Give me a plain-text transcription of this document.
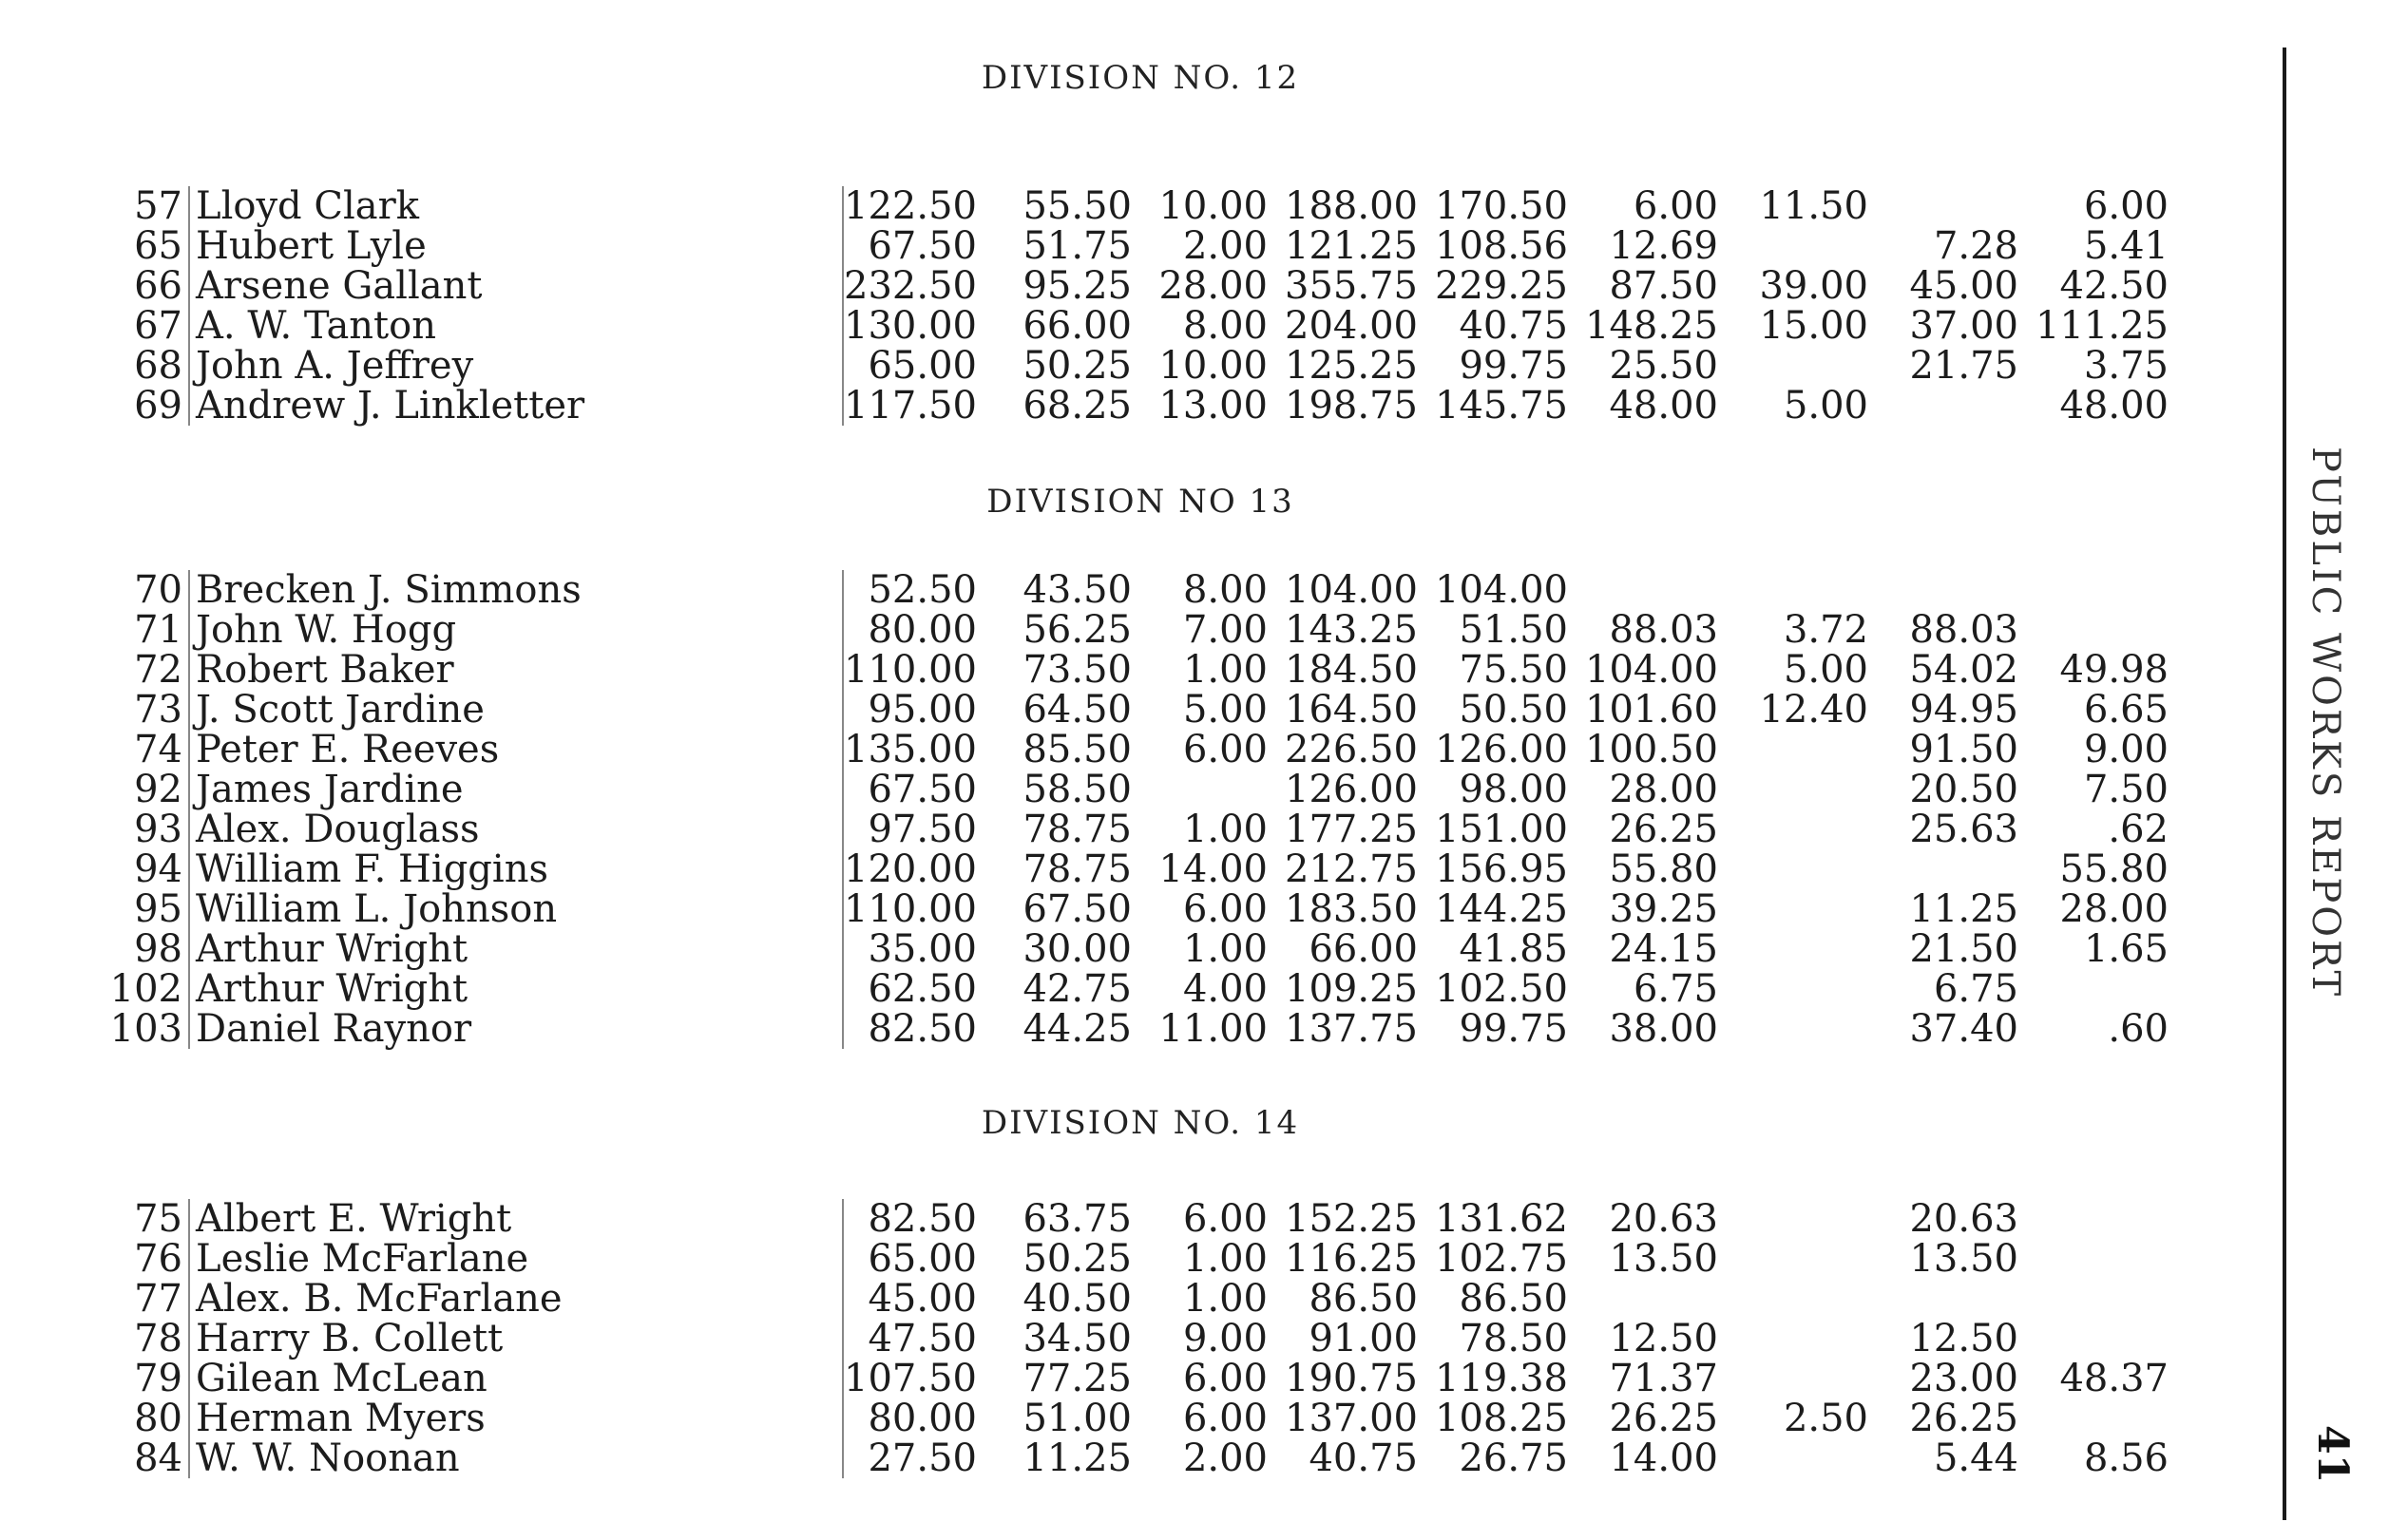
DIVISION NO. 12
57	Lloyd Clark	122.50	55.50	10.00	188.00	170.50	6.00	11.50		6.00
65	Hubert Lyle	67.50	51.75	2.00	121.25	108.56	12.69		7.28	5.41
66	Arsene Gallant	232.50	95.25	28.00	355.75	229.25	87.50	39.00	45.00	42.50
67	A. W. Tanton	130.00	66.00	8.00	204.00	40.75	148.25	15.00	37.00	111.25
68	John A. Jeffrey	65.00	50.25	10.00	125.25	99.75	25.50		21.75	3.75
69	Andrew J. Linkletter	117.50	68.25	13.00	198.75	145.75	48.00	5.00		48.00
DIVISION NO 13
70	Brecken J. Simmons	52.50	43.50	8.00	104.00	104.00				
71	John W. Hogg	80.00	56.25	7.00	143.25	51.50	88.03	3.72	88.03	
72	Robert Baker	110.00	73.50	1.00	184.50	75.50	104.00	5.00	54.02	49.98
73	J. Scott Jardine	95.00	64.50	5.00	164.50	50.50	101.60	12.40	94.95	6.65
74	Peter E. Reeves	135.00	85.50	6.00	226.50	126.00	100.50		91.50	9.00
92	James Jardine	67.50	58.50		126.00	98.00	28.00		20.50	7.50
93	Alex. Douglass	97.50	78.75	1.00	177.25	151.00	26.25		25.63	.62
94	William F. Higgins	120.00	78.75	14.00	212.75	156.95	55.80			55.80
95	William L. Johnson	110.00	67.50	6.00	183.50	144.25	39.25		11.25	28.00
98	Arthur Wright	35.00	30.00	1.00	66.00	41.85	24.15		21.50	1.65
102	Arthur Wright	62.50	42.75	4.00	109.25	102.50	6.75		6.75	
103	Daniel Raynor	82.50	44.25	11.00	137.75	99.75	38.00		37.40	.60
DIVISION NO. 14
75	Albert E. Wright	82.50	63.75	6.00	152.25	131.62	20.63		20.63	
76	Leslie McFarlane	65.00	50.25	1.00	116.25	102.75	13.50		13.50	
77	Alex. B. McFarlane	45.00	40.50	1.00	86.50	86.50				
78	Harry B. Collett	47.50	34.50	9.00	91.00	78.50	12.50		12.50	
79	Gilean McLean	107.50	77.25	6.00	190.75	119.38	71.37		23.00	48.37
80	Herman Myers	80.00	51.00	6.00	137.00	108.25	26.25	2.50	26.25	
84	W. W. Noonan	27.50	11.25	2.00	40.75	26.75	14.00		5.44	8.56
PUBLIC WORKS REPORT
41
